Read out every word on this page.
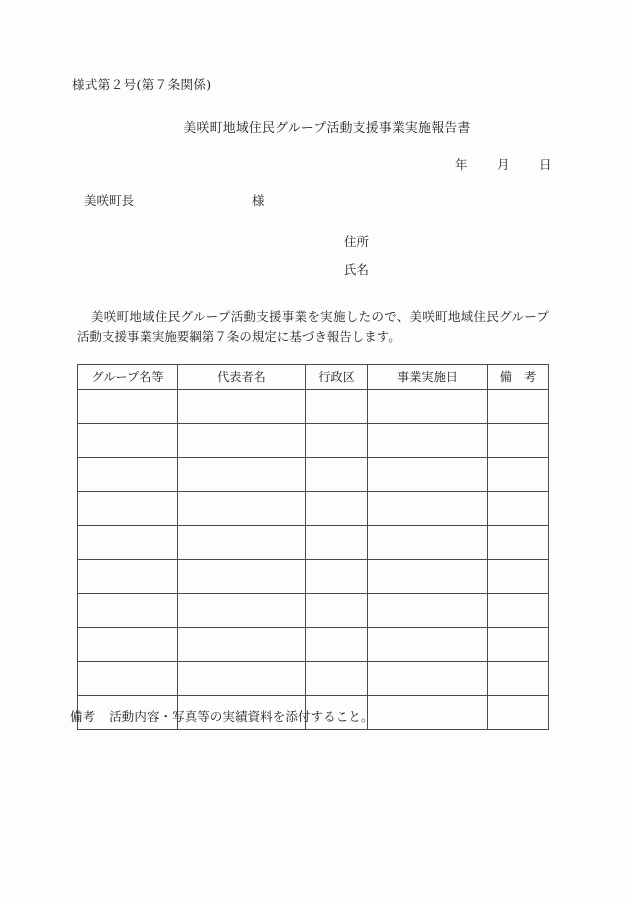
様式第２号(第７条関係)
美咲町地域住民グループ活動支援事業実施報告書
年 月 日
美咲町長	様
住所
氏名
美咲町地域住民グループ活動支援事業を実施したので、美咲町地域住民グループ活動支援事業実施要綱第７条の規定に基づき報告します。
グループ名等	代表者名	行政区	事業実施日	備　考

備考 活動内容・写真等の実績資料を添付すること。
